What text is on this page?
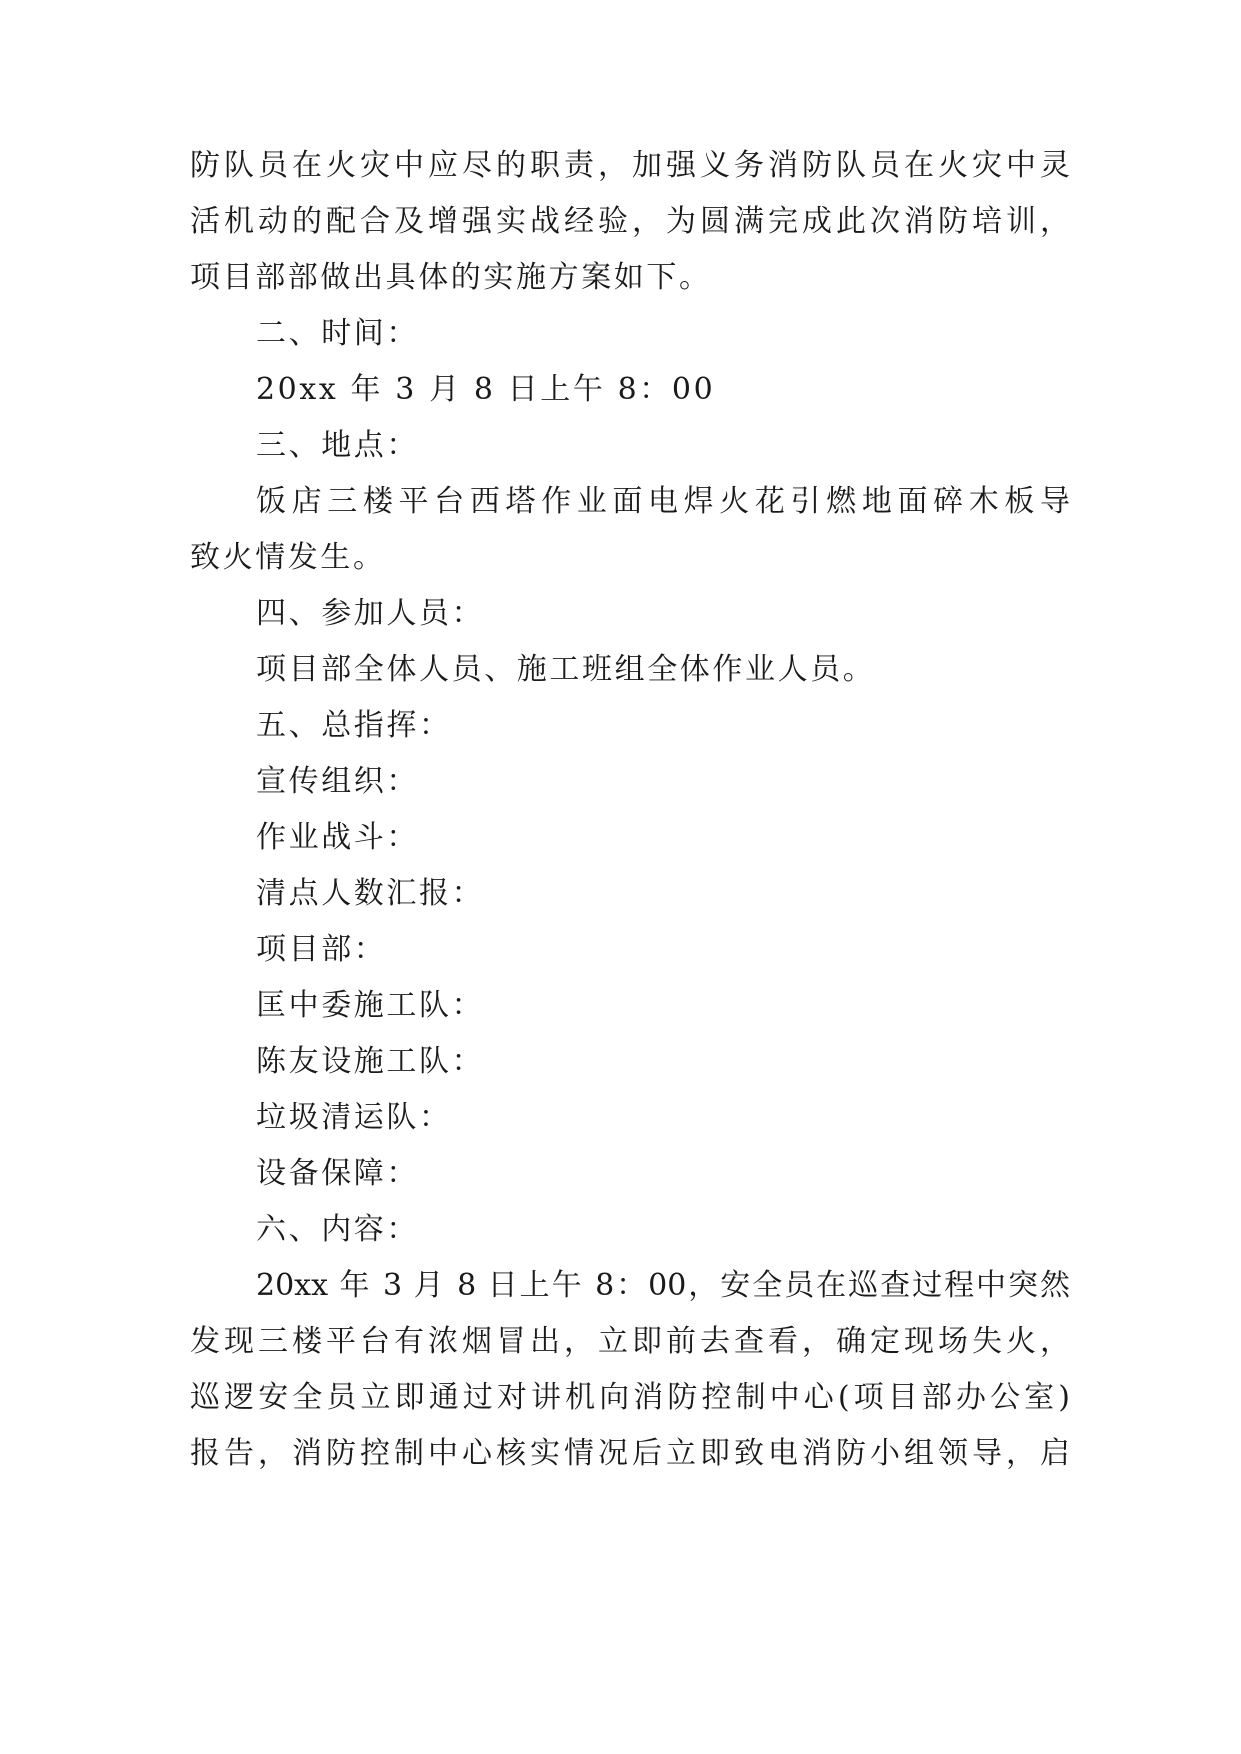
防队员在火灾中应尽的职责，加强义务消防队员在火灾中灵
活机动的配合及增强实战经验，为圆满完成此次消防培训，
项目部部做出具体的实施方案如下。
二、时间：
20xx 年 3 月 8 日上午 8：00
三、地点：
饭店三楼平台西塔作业面电焊火花引燃地面碎木板导
致火情发生。
四、参加人员：
项目部全体人员、施工班组全体作业人员。
五、总指挥：
宣传组织：
作业战斗：
清点人数汇报：
项目部：
匡中委施工队：
陈友设施工队：
垃圾清运队：
设备保障：
六、内容：
20xx 年 3 月 8 日上午 8：00，安全员在巡查过程中突然
发现三楼平台有浓烟冒出，立即前去查看，确定现场失火，
巡逻安全员立即通过对讲机向消防控制中心(项目部办公室)
报告，消防控制中心核实情况后立即致电消防小组领导，启
